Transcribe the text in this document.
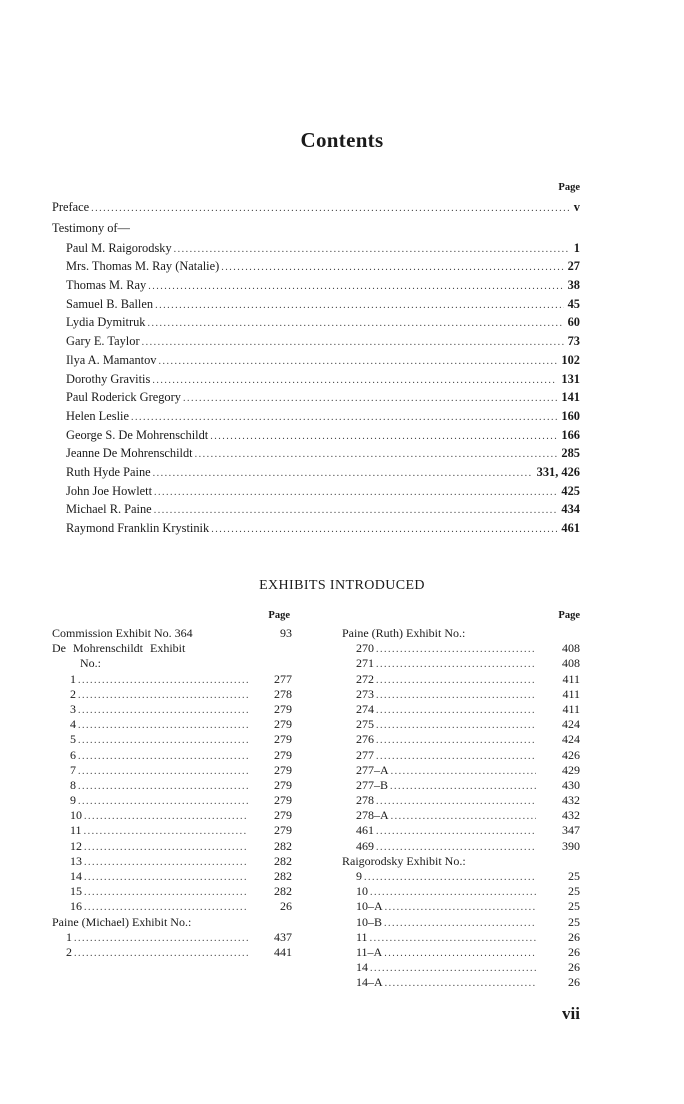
Contents
Page
Preface . . .	v
Testimony of—
Paul M. Raigorodsky . . .	1
Mrs. Thomas M. Ray (Natalie) . . .	27
Thomas M. Ray . . .	38
Samuel B. Ballen . . .	45
Lydia Dymitruk . . .	60
Gary E. Taylor . . .	73
Ilya A. Mamantov . . .	102
Dorothy Gravitis . . .	131
Paul Roderick Gregory . . .	141
Helen Leslie . . .	160
George S. De Mohrenschildt . . .	166
Jeanne De Mohrenschildt . . .	285
Ruth Hyde Paine . . .	331, 426
John Joe Howlett . . .	425
Michael R. Paine . . .	434
Raymond Franklin Krystinik . . .	461
EXHIBITS INTRODUCED
Page
Commission Exhibit No. 364	93
De Mohrenschildt Exhibit
No.:
1 . . .	277
2 . . .	278
3 . . .	279
4 . . .	279
5 . . .	279
6 . . .	279
7 . . .	279
8 . . .	279
9 . . .	279
10 . . .	279
11 . . .	279
12 . . .	282
13 . . .	282
14 . . .	282
15 . . .	282
16 . . .	26
Paine (Michael) Exhibit No.:
1 . . .	437
2 . . .	441
Page
Paine (Ruth) Exhibit No.:
270 . . .	408
271 . . .	408
272 . . .	411
273 . . .	411
274 . . .	411
275 . . .	424
276 . . .	424
277 . . .	426
277–A . . .	429
277–B . . .	430
278 . . .	432
278–A . . .	432
461 . . .	347
469 . . .	390
Raigorodsky Exhibit No.:
9 . . .	25
10 . . .	25
10–A . . .	25
10–B . . .	25
11 . . .	26
11–A . . .	26
14 . . .	26
14–A . . .	26
vii
